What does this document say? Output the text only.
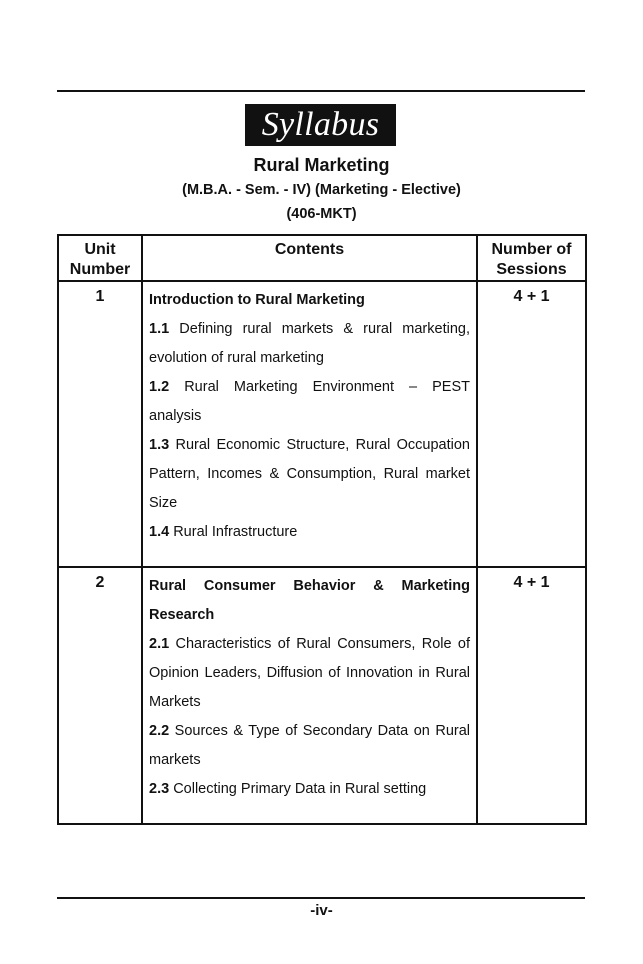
Syllabus
Rural Marketing
(M.B.A. - Sem. - IV) (Marketing - Elective)
(406-MKT)
Unit Number	Contents	Number of Sessions
1	Introduction to Rural Marketing

1.1 Defining rural markets & rural marketing, evolution of rural marketing

1.2 Rural Marketing Environment – PEST analysis

1.3 Rural Economic Structure, Rural Occupation Pattern, Incomes & Consumption, Rural market Size

1.4 Rural Infrastructure	4 + 1
2	Rural Consumer Behavior & Marketing Research

2.1 Characteristics of Rural Consumers, Role of Opinion Leaders, Diffusion of Innovation in Rural Markets

2.2 Sources & Type of Secondary Data on Rural markets

2.3 Collecting Primary Data in Rural setting	4 + 1
-iv-
